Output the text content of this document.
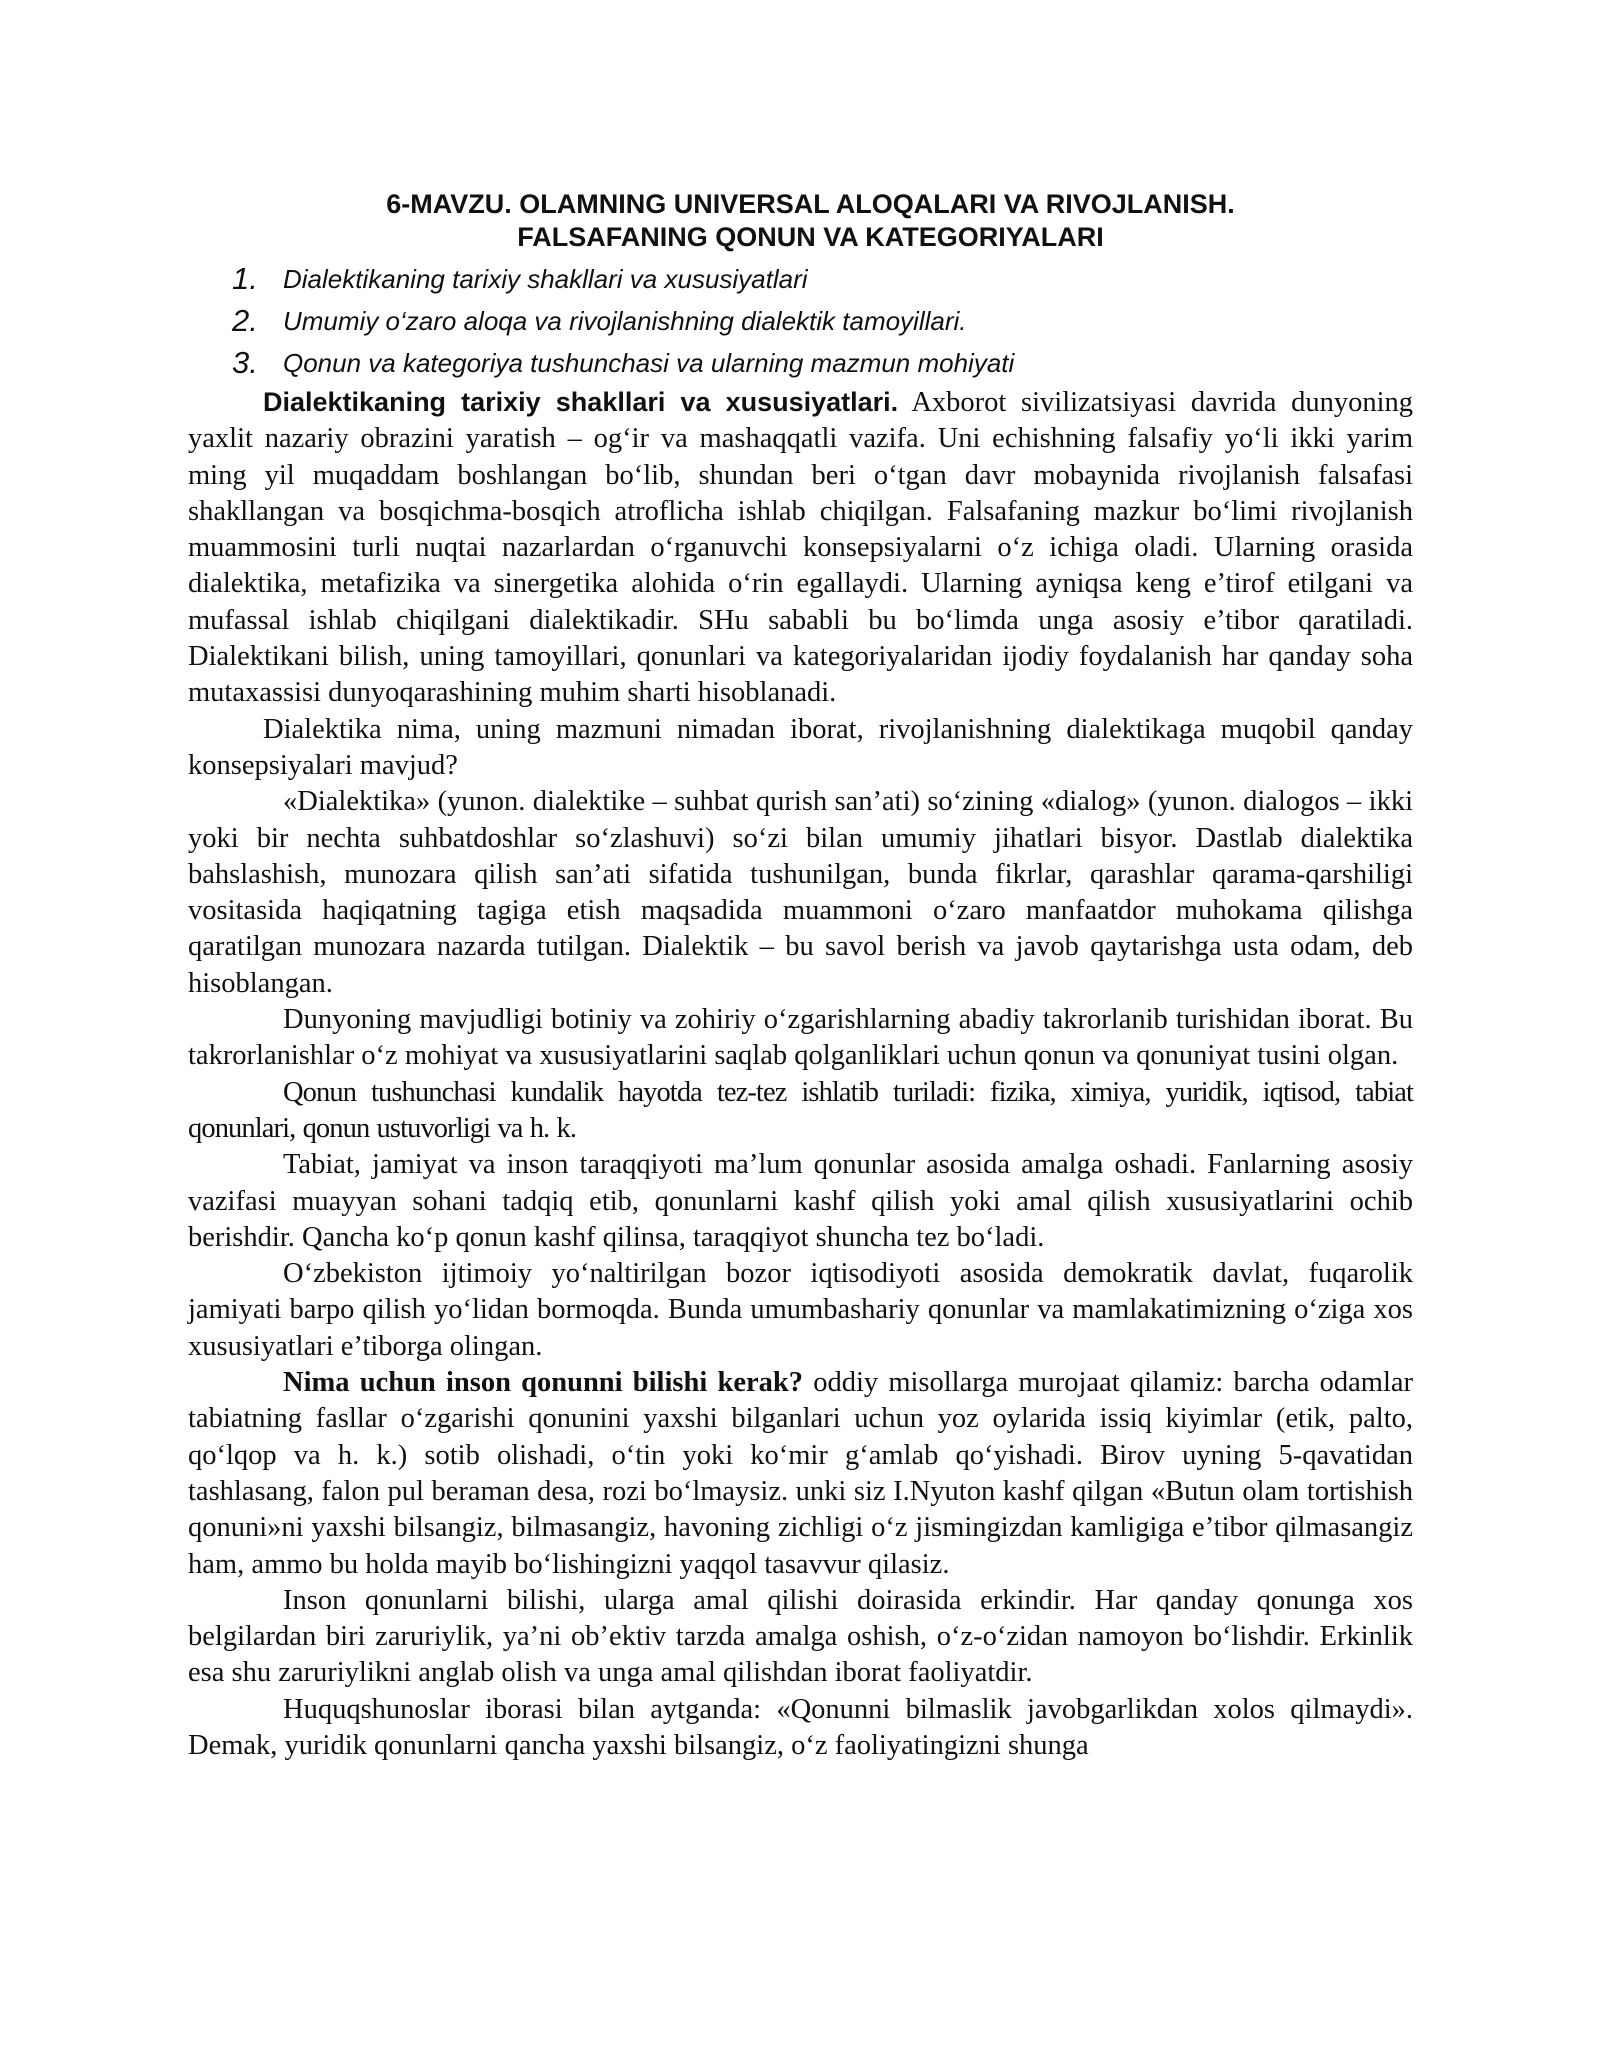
6-MAVZU. OLAMNING UNIVERSAL ALOQALARI VA RIVOJLANISH.
FALSAFANING QONUN VA KATEGORIYALARI
1. Dialektikaning tarixiy shakllari va xususiyatlari
2. Umumiy o‘zaro aloqa va rivojlanishning dialektik tamoyillari.
3. Qonun va kategoriya tushunchasi va ularning mazmun mohiyati

Dialektikaning tarixiy shakllari va xususiyatlari. Axborot sivilizatsiyasi davrida dunyoning yaxlit nazariy obrazini yaratish – og‘ir va mashaqqatli vazifa. Uni echishning falsafiy yo‘li ikki yarim ming yil muqaddam boshlangan bo‘lib, shundan beri o‘tgan davr mobaynida rivojlanish falsafasi shakllangan va bosqichma-bosqich atroflicha ishlab chiqilgan. Falsafaning mazkur bo‘limi rivojlanish muammosini turli nuqtai nazarlardan o‘rganuvchi konsepsiyalarni o‘z ichiga oladi. Ularning orasida dialektika, metafizika va sinergetika alohida o‘rin egallaydi. Ularning ayniqsa keng e’tirof etilgani va mufassal ishlab chiqilgani dialektikadir. SHu sababli bu bo‘limda unga asosiy e’tibor qaratiladi. Dialektikani bilish, uning tamoyillari, qonunlari va kategoriyalaridan ijodiy foydalanish har qanday soha mutaxassisi dunyoqarashining muhim sharti hisoblanadi.

Dialektika nima, uning mazmuni nimadan iborat, rivojlanishning dialektikaga muqobil qanday konsepsiyalari mavjud?

«Dialektika» (yunon. dialektike – suhbat qurish san’ati) so‘zining «dialog» (yunon. dialogos – ikki yoki bir nechta suhbatdoshlar so‘zlashuvi) so‘zi bilan umumiy jihatlari bisyor. Dastlab dialektika bahslashish, munozara qilish san’ati sifatida tushunilgan, bunda fikrlar, qarashlar qarama-qarshiligi vositasida haqiqatning tagiga etish maqsadida muammoni o‘zaro manfaatdor muhokama qilishga qaratilgan munozara nazarda tutilgan. Dialektik – bu savol berish va javob qaytarishga usta odam, deb hisoblangan.

Dunyoning mavjudligi botiniy va zohiriy o‘zgarishlarning abadiy takrorlanib turishidan iborat. Bu takrorlanishlar o‘z mohiyat va xususiyatlarini saqlab qolganliklari uchun qonun va qonuniyat tusini olgan.

Qonun tushunchasi kundalik hayotda tez-tez ishlatib turiladi: fizika, ximiya, yuridik, iqtisod, tabiat qonunlari, qonun ustuvorligi va h. k.

Tabiat, jamiyat va inson taraqqiyoti ma’lum qonunlar asosida amalga oshadi. Fanlarning asosiy vazifasi muayyan sohani tadqiq etib, qonunlarni kashf qilish yoki amal qilish xususiyatlarini ochib berishdir. Qancha ko‘p qonun kashf qilinsa, taraqqiyot shuncha tez bo‘ladi.

O‘zbekiston ijtimoiy yo‘naltirilgan bozor iqtisodiyoti asosida demokratik davlat, fuqarolik jamiyati barpo qilish yo‘lidan bormoqda. Bunda umumbashariy qonunlar va mamlakatimizning o‘ziga xos xususiyatlari e’tiborga olingan.

Nima uchun inson qonunni bilishi kerak? oddiy misollarga murojaat qilamiz: barcha odamlar tabiatning fasllar o‘zgarishi qonunini yaxshi bilganlari uchun yoz oylarida issiq kiyimlar (etik, palto, qo‘lqop va h. k.) sotib olishadi, o‘tin yoki ko‘mir g‘amlab qo‘yishadi. Birov uyning 5-qavatidan tashlasang, falon pul beraman desa, rozi bo‘lmaysiz. unki siz I.Nyuton kashf qilgan «Butun olam tortishish qonuni»ni yaxshi bilsangiz, bilmasangiz, havoning zichligi o‘z jismingizdan kamligiga e’tibor qilmasangiz ham, ammo bu holda mayib bo‘lishingizni yaqqol tasavvur qilasiz.

Inson qonunlarni bilishi, ularga amal qilishi doirasida erkindir. Har qanday qonunga xos belgilardan biri zaruriylik, ya’ni ob’ektiv tarzda amalga oshish, o‘z-o‘zidan namoyon bo‘lishdir. Erkinlik esa shu zaruriylikni anglab olish va unga amal qilishdan iborat faoliyatdir.

Huquqshunoslar iborasi bilan aytganda: «Qonunni bilmaslik javobgarlikdan xolos qilmaydi». Demak, yuridik qonunlarni qancha yaxshi bilsangiz, o‘z faoliyatingizni shunga
